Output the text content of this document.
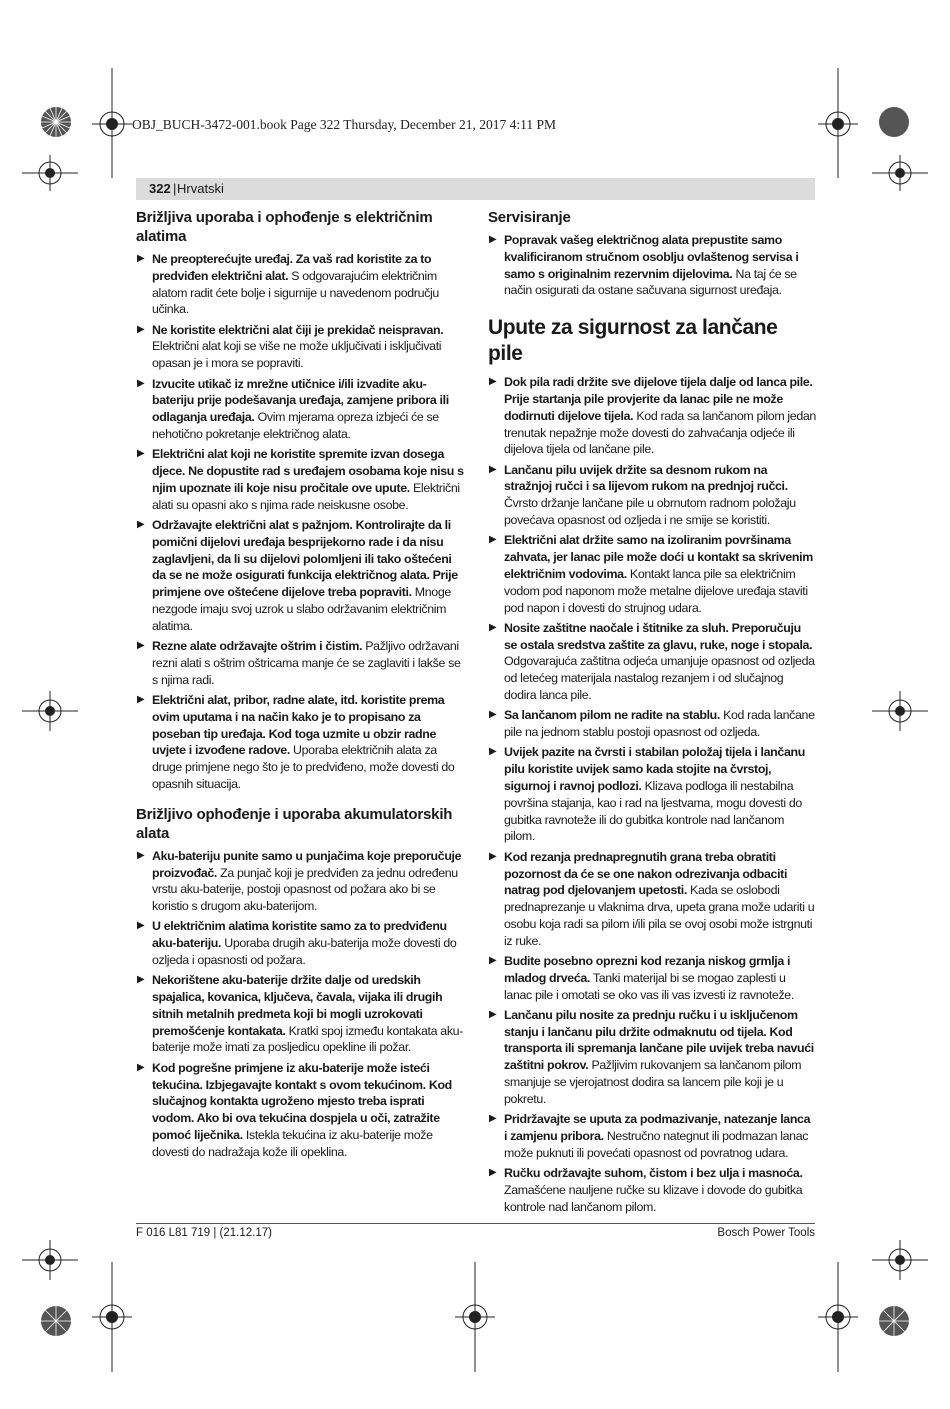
OBJ_BUCH-3472-001.book Page 322 Thursday, December 21, 2017 4:11 PM
322 | Hrvatski
Brižljiva uporaba i ophođenje s električnim alatima
▶ Ne preopterećujte uređaj. Za vaš rad koristite za to predviđen električni alat. S odgovarajućim električnim alatom radit ćete bolje i sigurnije u navedenom području učinka.
▶ Ne koristite električni alat čiji je prekidač neispravan. Električni alat koji se više ne može uključivati i isključivati opasan je i mora se popraviti.
▶ Izvucite utikač iz mrežne utičnice i/ili izvadite aku-bateriju prije podešavanja uređaja, zamjene pribora ili odlaganja uređaja. Ovim mjerama opreza izbjeći će se nehotično pokretanje električnog alata.
▶ Električni alat koji ne koristite spremite izvan dosega djece. Ne dopustite rad s uređajem osobama koje nisu s njim upoznate ili koje nisu pročitale ove upute. Električni alati su opasni ako s njima rade neiskusne osobe.
▶ Održavajte električni alat s pažnjom. Kontrolirajte da li pomični dijelovi uređaja besprijekorno rade i da nisu zaglavljeni, da li su dijelovi polomljeni ili tako oštećeni da se ne može osigurati funkcija električnog alata. Prije primjene ove oštećene dijelove treba popraviti. Mnoge nezgode imaju svoj uzrok u slabo održavanim električnim alatima.
▶ Rezne alate održavajte oštrim i čistim. Pažljivo održavani rezni alati s oštrim oštricama manje će se zaglaviti i lakše se s njima radi.
▶ Električni alat, pribor, radne alate, itd. koristite prema ovim uputama i na način kako je to propisano za poseban tip uređaja. Kod toga uzmite u obzir radne uvjete i izvođene radove. Uporaba električnih alata za druge primjene nego što je to predviđeno, može dovesti do opasnih situacija.
Brižljivo ophođenje i uporaba akumulatorskih alata
▶ Aku-bateriju punite samo u punjačima koje preporučuje proizvođač. Za punjač koji je predviđen za jednu određenu vrstu aku-baterije, postoji opasnost od požara ako bi se koristio s drugom aku-baterijom.
▶ U električnim alatima koristite samo za to predviđenu aku-bateriju. Uporaba drugih aku-baterija može dovesti do ozljeda i opasnosti od požara.
▶ Nekorištene aku-baterije držite dalje od uredskih spajalica, kovanica, ključeva, čavala, vijaka ili drugih sitnih metalnih predmeta koji bi mogli uzrokovati premošćenje kontakata. Kratki spoj između kontakata aku-baterije može imati za posljedicu opekline ili požar.
▶ Kod pogrešne primjene iz aku-baterije može isteći tekućina. Izbjegavajte kontakt s ovom tekućinom. Kod slučajnog kontakta ugroženo mjesto treba isprati vodom. Ako bi ova tekućina dospjela u oči, zatražite pomoć liječnika. Istekla tekućina iz aku-baterije može dovesti do nadražaja kože ili opeklina.
Servisiranje
▶ Popravak vašeg električnog alata prepustite samo kvalificiranom stručnom osoblju ovlaštenog servisa i samo s originalnim rezervnim dijelovima. Na taj će se način osigurati da ostane sačuvana sigurnost uređaja.
Upute za sigurnost za lančane pile
▶ Dok pila radi držite sve dijelove tijela dalje od lanca pile. Prije startanja pile provjerite da lanac pile ne može dodirnuti dijelove tijela. Kod rada sa lančanom pilom jedan trenutak nepažnje može dovesti do zahvaćanja odjeće ili dijelova tijela od lančane pile.
▶ Lančanu pilu uvijek držite sa desnom rukom na stražnjoj ručci i sa lijevom rukom na prednjoj ručci. Čvrsto držanje lančane pile u obrnutom radnom položaju povećava opasnost od ozljeda i ne smije se koristiti.
▶ Električni alat držite samo na izoliranim površinama zahvata, jer lanac pile može doći u kontakt sa skrivenim električnim vodovima. Kontakt lanca pile sa električnim vodom pod naponom može metalne dijelove uređaja staviti pod napon i dovesti do strujnog udara.
▶ Nosite zaštitne naočale i štitnike za sluh. Preporučuju se ostala sredstva zaštite za glavu, ruke, noge i stopala. Odgovarajuća zaštitna odjeća umanjuje opasnost od ozljeda od letećeg materijala nastalog rezanjem i od slučajnog dodira lanca pile.
▶ Sa lančanom pilom ne radite na stablu. Kod rada lančane pile na jednom stablu postoji opasnost od ozljeda.
▶ Uvijek pazite na čvrsti i stabilan položaj tijela i lančanu pilu koristite uvijek samo kada stojite na čvrstoj, sigurnoj i ravnoj podlozi. Klizava podloga ili nestabilna površina stajanja, kao i rad na ljestvama, mogu dovesti do gubitka ravnoteže ili do gubitka kontrole nad lančanom pilom.
▶ Kod rezanja prednapregnutih grana treba obratiti pozornost da će se one nakon odrezivanja odbaciti natrag pod djelovanjem upetosti. Kada se oslobodi prednaprezanje u vlaknima drva, upeta grana može udariti u osobu koja radi sa pilom i/ili pila se ovoj osobi može istrgnuti iz ruke.
▶ Budite posebno oprezni kod rezanja niskog grmlja i mladog drveća. Tanki materijal bi se mogao zaplesti u lanac pile i omotati se oko vas ili vas izvesti iz ravnoteže.
▶ Lančanu pilu nosite za prednju ručku i u isključenom stanju i lančanu pilu držite odmaknutu od tijela. Kod transporta ili spremanja lančane pile uvijek treba navući zaštitni pokrov. Pažljivim rukovanjem sa lančanom pilom smanjuje se vjerojatnost dodira sa lancem pile koji je u pokretu.
▶ Pridržavajte se uputa za podmazivanje, natezanje lanca i zamjenu pribora. Nestručno nategnut ili podmazan lanac može puknuti ili povećati opasnost od povratnog udara.
▶ Ručku održavajte suhom, čistom i bez ulja i masnoća. Zamašćene nauljene ručke su klizave i dovode do gubitka kontrole nad lančanom pilom.
F 016 L81 719 | (21.12.17)	Bosch Power Tools
